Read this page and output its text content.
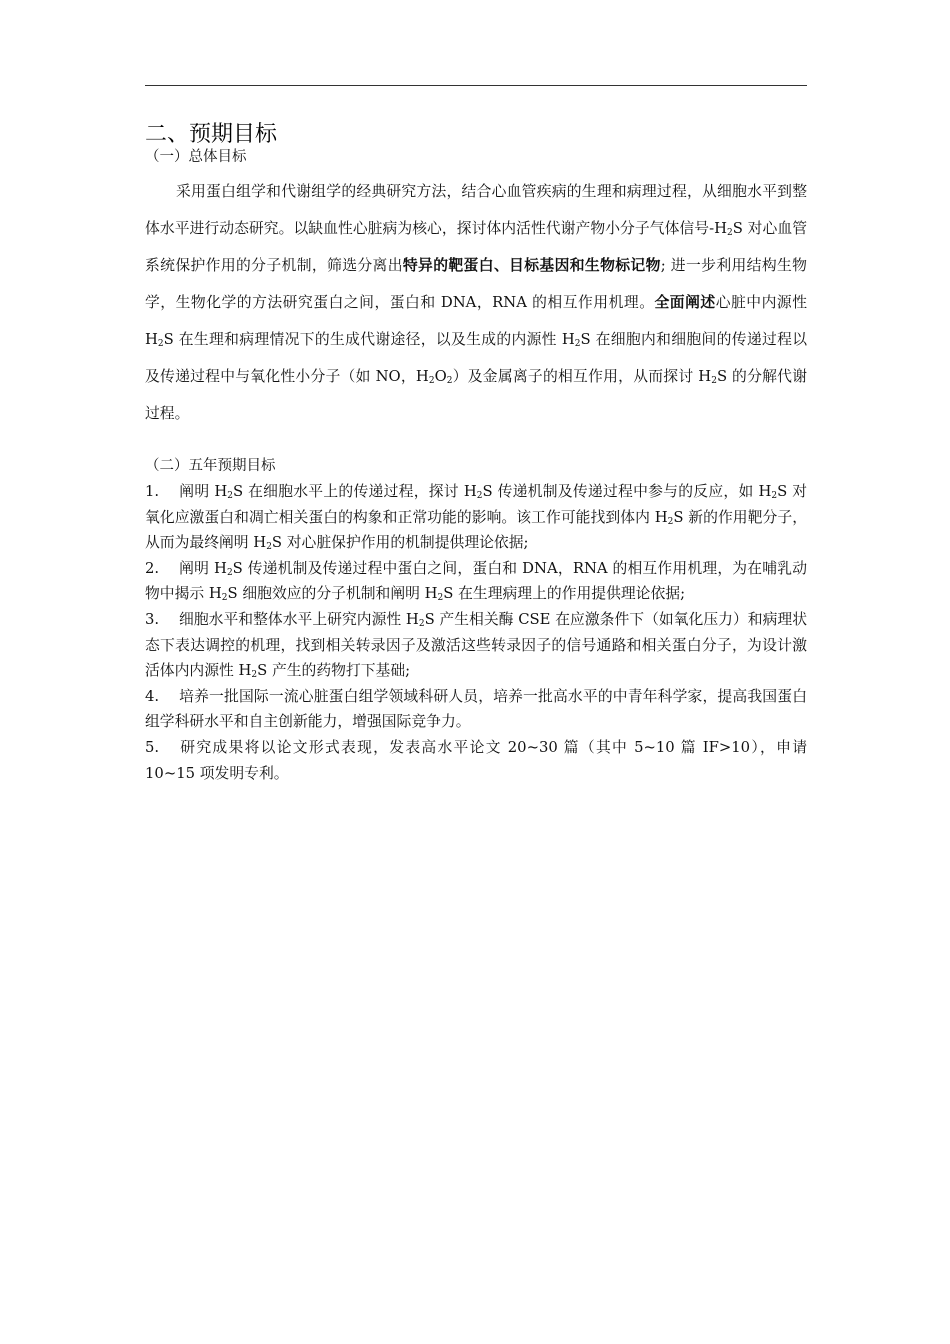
二、预期目标
（一）总体目标

采用蛋白组学和代谢组学的经典研究方法，结合心血管疾病的生理和病理过程，从细胞水平到整体水平进行动态研究。以缺血性心脏病为核心，探讨体内活性代谢产物小分子气体信号$-H_2S$ 对心血管系统保护作用的分子机制，筛选分离出特异的靶蛋白、目标基因和生物标记物; 进一步利用结构生物学，生物化学的方法研究蛋白之间，蛋白和 DNA，RNA 的相互作用机理。全面阐述心脏中内源性 $H_2S$ 在生理和病理情况下的生成代谢途径，以及生成的内源性 $H_2S$ 在细胞内和细胞间的传递过程以及传递过程中与氧化性小分子（如 NO，$H_2O_2$）及金属离子的相互作用，从而探讨 $H_2S$ 的分解代谢过程。

（二）五年预期目标
1. 阐明 $H_2S$ 在细胞水平上的传递过程，探讨 $H_2S$ 传递机制及传递过程中参与的反应，如 $H_2S$ 对氧化应激蛋白和凋亡相关蛋白的构象和正常功能的影响。该工作可能找到体内 $H_2S$ 新的作用靶分子，从而为最终阐明 $H_2S$ 对心脏保护作用的机制提供理论依据;
2. 阐明 $H_2S$ 传递机制及传递过程中蛋白之间，蛋白和 DNA，RNA 的相互作用机理，为在哺乳动物中揭示 $H_2S$ 细胞效应的分子机制和阐明 $H_2S$ 在生理病理上的作用提供理论依据;
3. 细胞水平和整体水平上研究内源性 $H_2S$ 产生相关酶 CSE 在应激条件下（如氧化压力）和病理状态下表达调控的机理，找到相关转录因子及激活这些转录因子的信号通路和相关蛋白分子，为设计激活体内内源性 $H_2S$ 产生的药物打下基础;
4. 培养一批国际一流心脏蛋白组学领域科研人员，培养一批高水平的中青年科学家，提高我国蛋白组学科研水平和自主创新能力，增强国际竞争力。
5. 研究成果将以论文形式表现，发表高水平论文 20~30 篇（其中 5~10 篇 IF>10），申请 10~15 项发明专利。
